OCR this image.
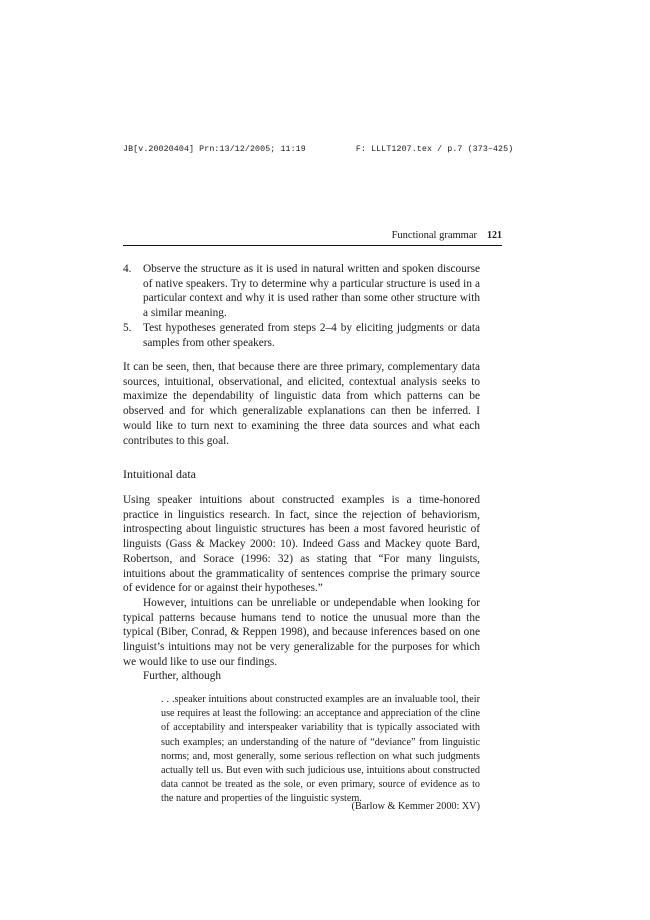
JB[v.20020404] Prn:13/12/2005; 11:19	F: LLLT1207.tex / p.7 (373–425)
Functional grammar 121
4. Observe the structure as it is used in natural written and spoken discourse of native speakers. Try to determine why a particular structure is used in a particular context and why it is used rather than some other structure with a similar meaning.
5. Test hypotheses generated from steps 2–4 by eliciting judgments or data samples from other speakers.
It can be seen, then, that because there are three primary, complementary data sources, intuitional, observational, and elicited, contextual analysis seeks to maximize the dependability of linguistic data from which patterns can be observed and for which generalizable explanations can then be inferred. I would like to turn next to examining the three data sources and what each contributes to this goal.
Intuitional data
Using speaker intuitions about constructed examples is a time-honored practice in linguistics research. In fact, since the rejection of behaviorism, introspecting about linguistic structures has been a most favored heuristic of linguists (Gass & Mackey 2000: 10). Indeed Gass and Mackey quote Bard, Robertson, and Sorace (1996: 32) as stating that “For many linguists, intuitions about the grammaticality of sentences comprise the primary source of evidence for or against their hypotheses.”
However, intuitions can be unreliable or undependable when looking for typical patterns because humans tend to notice the unusual more than the typical (Biber, Conrad, & Reppen 1998), and because inferences based on one linguist’s intuitions may not be very generalizable for the purposes for which we would like to use our findings.
Further, although
. . .speaker intuitions about constructed examples are an invaluable tool, their use requires at least the following: an acceptance and appreciation of the cline of acceptability and interspeaker variability that is typically associated with such examples; an understanding of the nature of “deviance” from linguistic norms; and, most generally, some serious reflection on what such judgments actually tell us. But even with such judicious use, intuitions about constructed data cannot be treated as the sole, or even primary, source of evidence as to the nature and properties of the linguistic system.
(Barlow & Kemmer 2000: XV)
